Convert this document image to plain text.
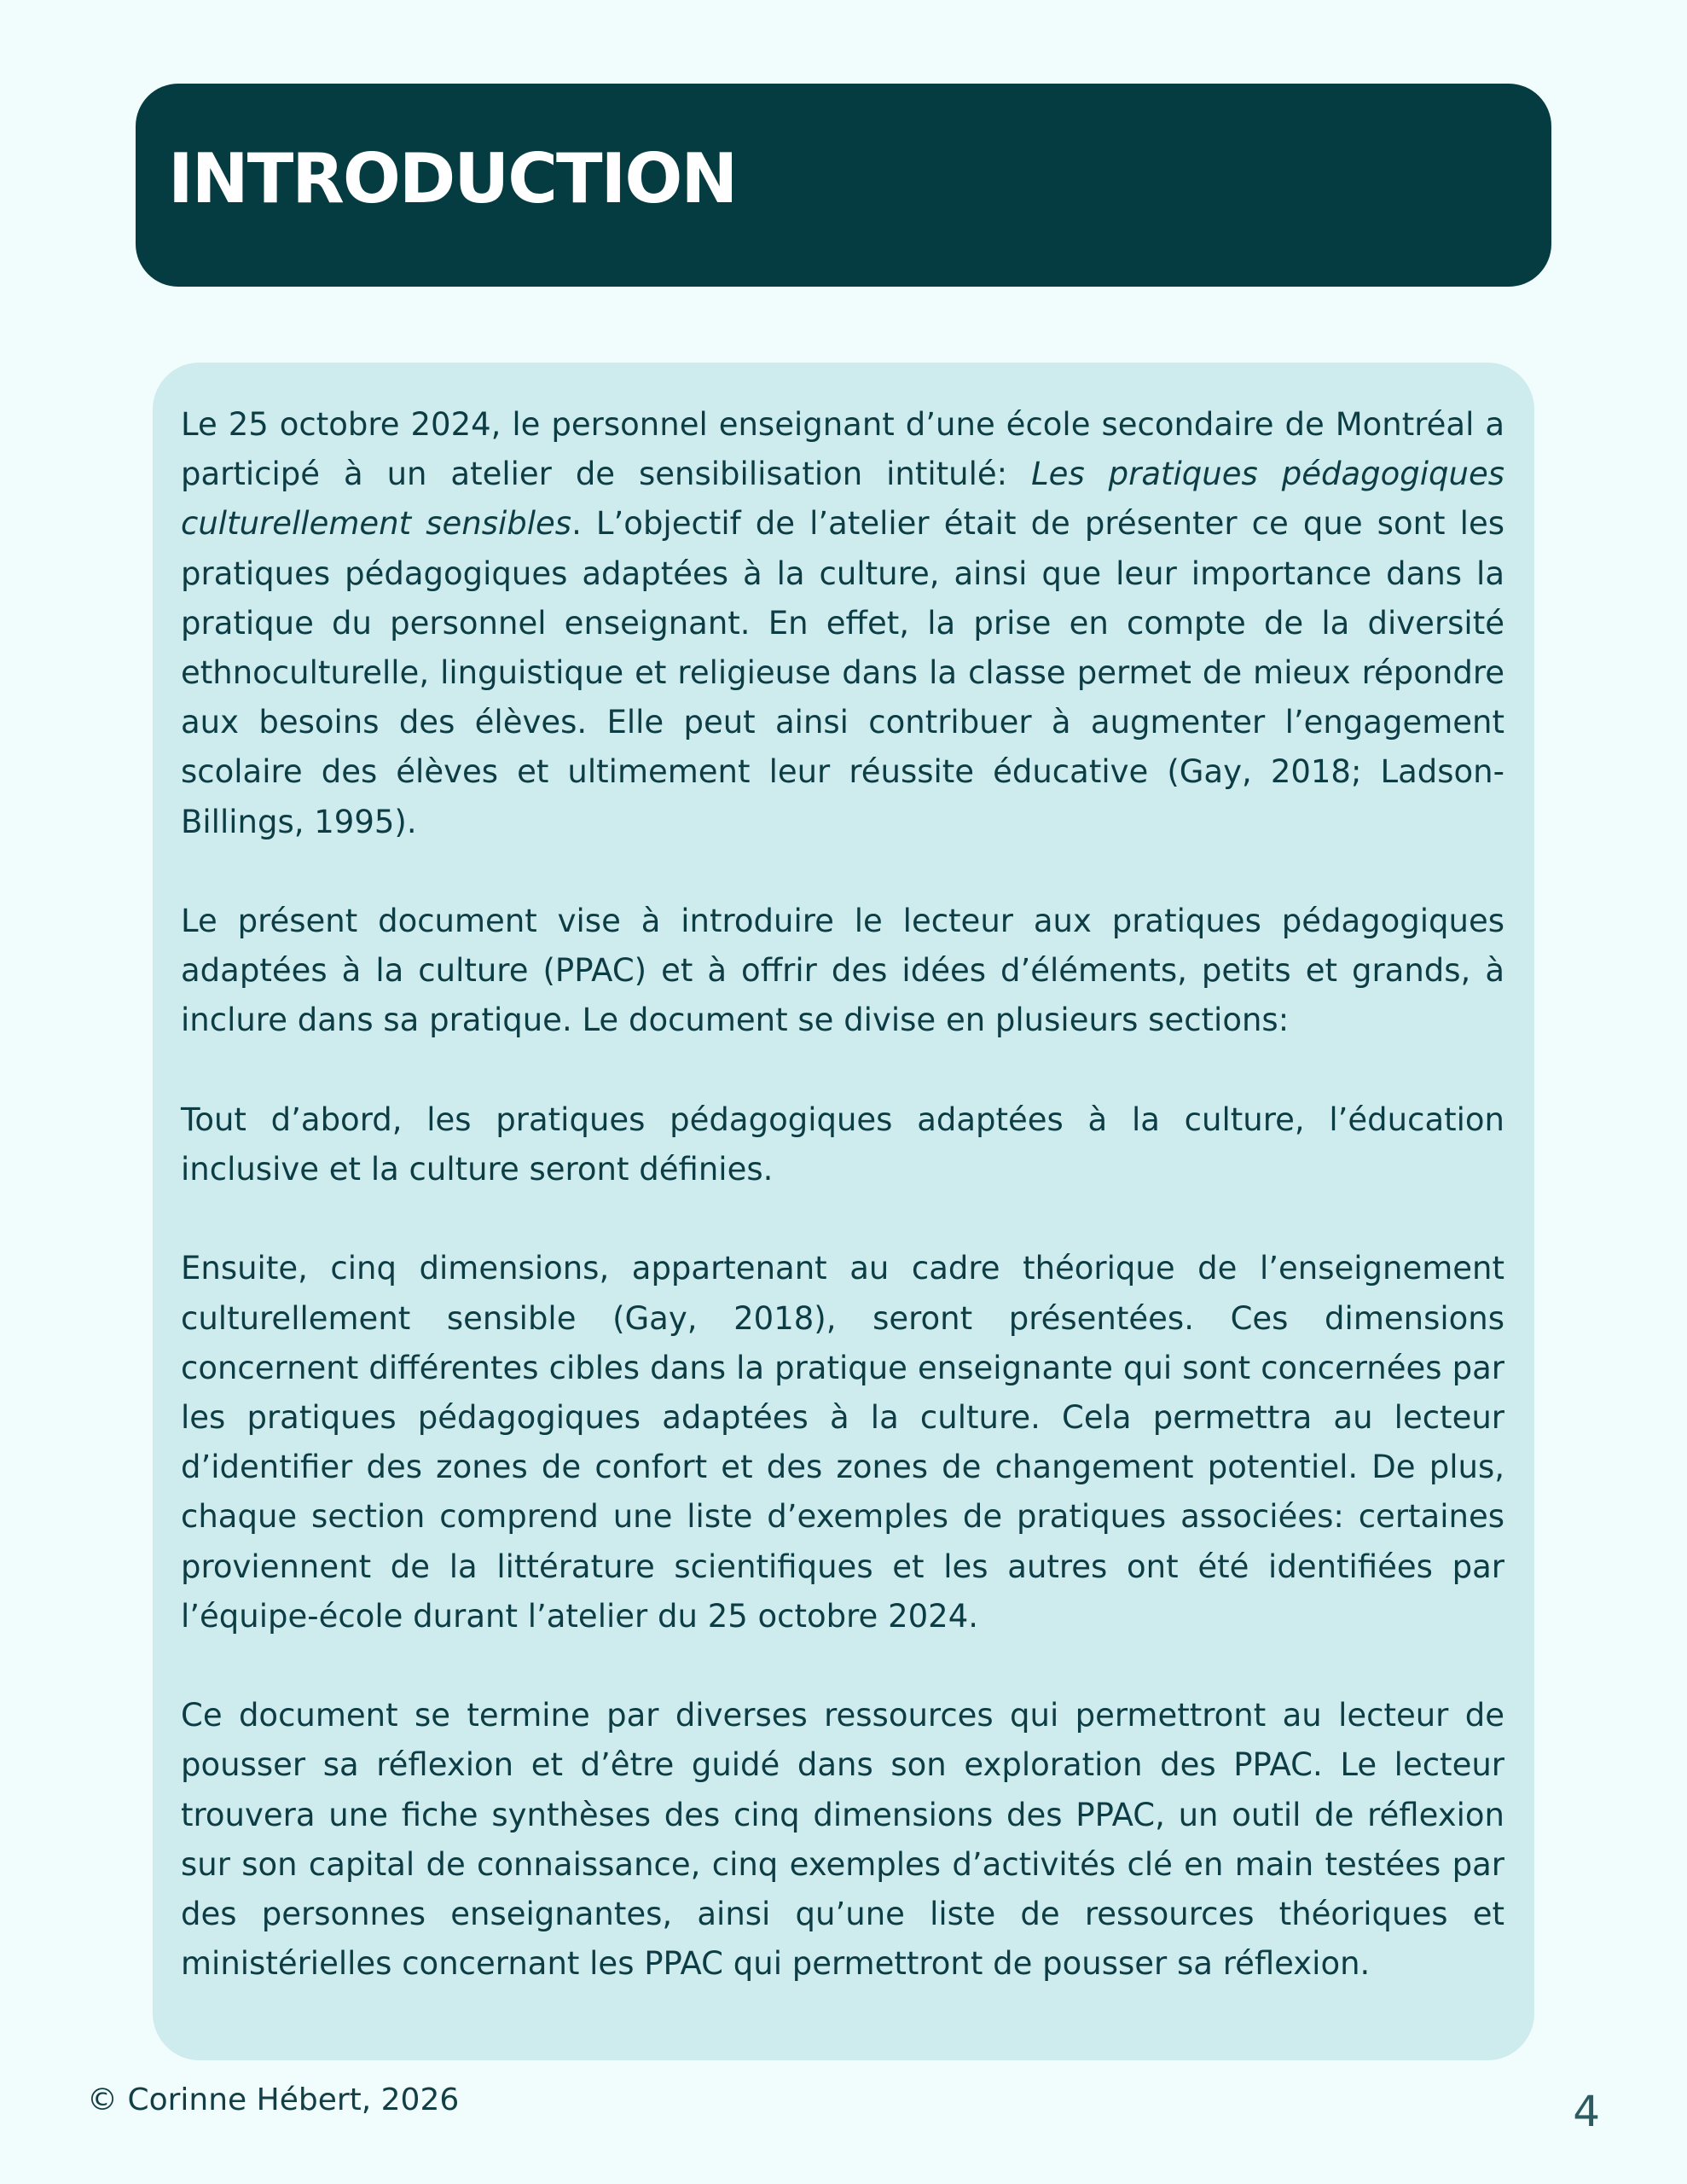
INTRODUCTION

Le 25 octobre 2024, le personnel enseignant d’une école secondaire de Montréal a participé à un atelier de sensibilisation intitulé: Les pratiques pédagogiques culturellement sensibles. L’objectif de l’atelier était de présenter ce que sont les pratiques pédagogiques adaptées à la culture, ainsi que leur importance dans la pratique du personnel enseignant. En effet, la prise en compte de la diversité ethnoculturelle, linguistique et religieuse dans la classe permet de mieux répondre aux besoins des élèves. Elle peut ainsi contribuer à augmenter l’engagement scolaire des élèves et ultimement leur réussite éducative (Gay, 2018; Ladson-Billings, 1995).

Le présent document vise à introduire le lecteur aux pratiques pédagogiques adaptées à la culture (PPAC) et à offrir des idées d’éléments, petits et grands, à inclure dans sa pratique. Le document se divise en plusieurs sections:

Tout d’abord, les pratiques pédagogiques adaptées à la culture, l’éducation inclusive et la culture seront définies.

Ensuite, cinq dimensions, appartenant au cadre théorique de l’enseignement culturellement sensible (Gay, 2018), seront présentées. Ces dimensions concernent différentes cibles dans la pratique enseignante qui sont concernées par les pratiques pédagogiques adaptées à la culture. Cela permettra au lecteur d’identifier des zones de confort et des zones de changement potentiel. De plus, chaque section comprend une liste d’exemples de pratiques associées: certaines proviennent de la littérature scientifiques et les autres ont été identifiées par l’équipe-école durant l’atelier du 25 octobre 2024.

Ce document se termine par diverses ressources qui permettront au lecteur de pousser sa réflexion et d’être guidé dans son exploration des PPAC. Le lecteur trouvera une fiche synthèses des cinq dimensions des PPAC, un outil de réflexion sur son capital de connaissance, cinq exemples d’activités clé en main testées par des personnes enseignantes, ainsi qu’une liste de ressources théoriques et ministérielles concernant les PPAC qui permettront de pousser sa réflexion.

© Corinne Hébert, 2026	4
